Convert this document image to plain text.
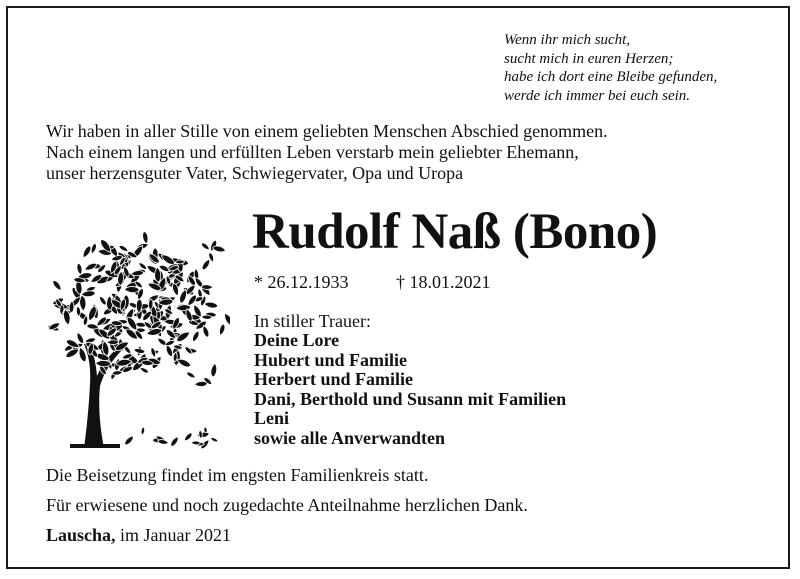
Wenn ihr mich sucht,
sucht mich in euren Herzen;
habe ich dort eine Bleibe gefunden,
werde ich immer bei euch sein.
Wir haben in aller Stille von einem geliebten Menschen Abschied genommen.
Nach einem langen und erfüllten Leben verstarb mein geliebter Ehemann,
unser herzensguter Vater, Schwiegervater, Opa und Uropa
Rudolf Naß (Bono)
* 26.12.1933	† 18.01.2021
In stiller Trauer:
Deine Lore
Hubert und Familie
Herbert und Familie
Dani, Berthold und Susann mit Familien
Leni
sowie alle Anverwandten
Die Beisetzung findet im engsten Familienkreis statt.
Für erwiesene und noch zugedachte Anteilnahme herzlichen Dank.
Lauscha, im Januar 2021
